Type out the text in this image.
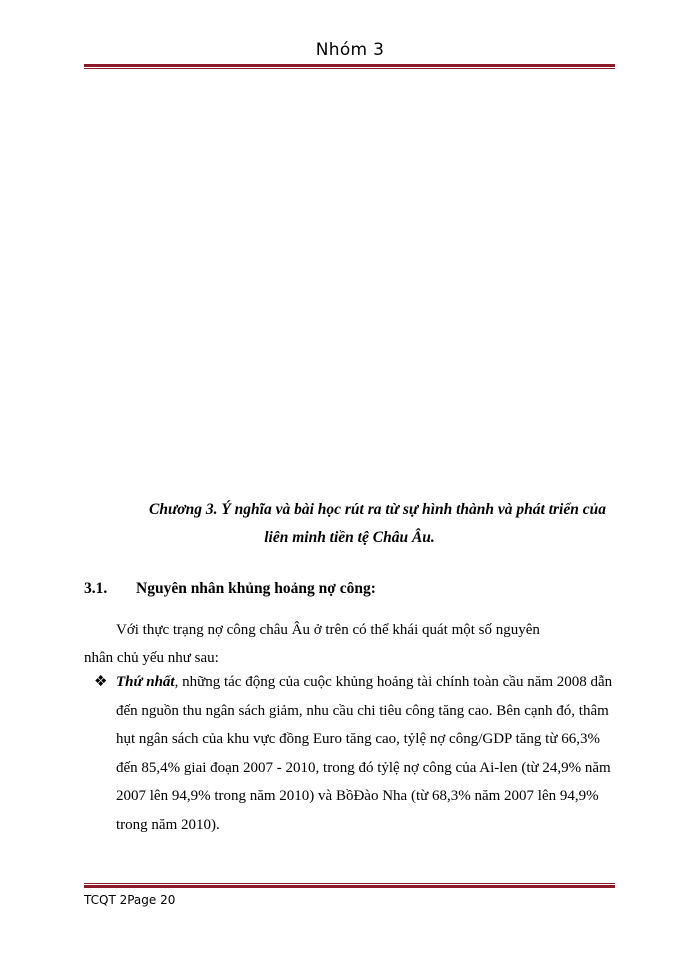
Nhóm 3
Chương 3. Ý nghĩa và bài học rút ra từ sự hình thành và phát triển của
liên minh tiền tệ Châu Âu.
3.1. Nguyên nhân khủng hoảng nợ công:
Với thực trạng nợ công châu Âu ở trên có thể khái quát một số nguyên
nhân chủ yếu như sau:
❖ Thứ nhất, những tác động của cuộc khủng hoảng tài chính toàn cầu năm 2008 dẫn đến nguồn thu ngân sách giảm, nhu cầu chi tiêu công tăng cao. Bên cạnh đó, thâm hụt ngân sách của khu vực đồng Euro tăng cao, tỷlệ nợ công/GDP tăng từ 66,3% đến 85,4% giai đoạn 2007 - 2010, trong đó tỷlệ nợ công của Ai-len (từ 24,9% năm 2007 lên 94,9% trong năm 2010) và BồĐào Nha (từ 68,3% năm 2007 lên 94,9% trong năm 2010).
TCQT 2Page 20
